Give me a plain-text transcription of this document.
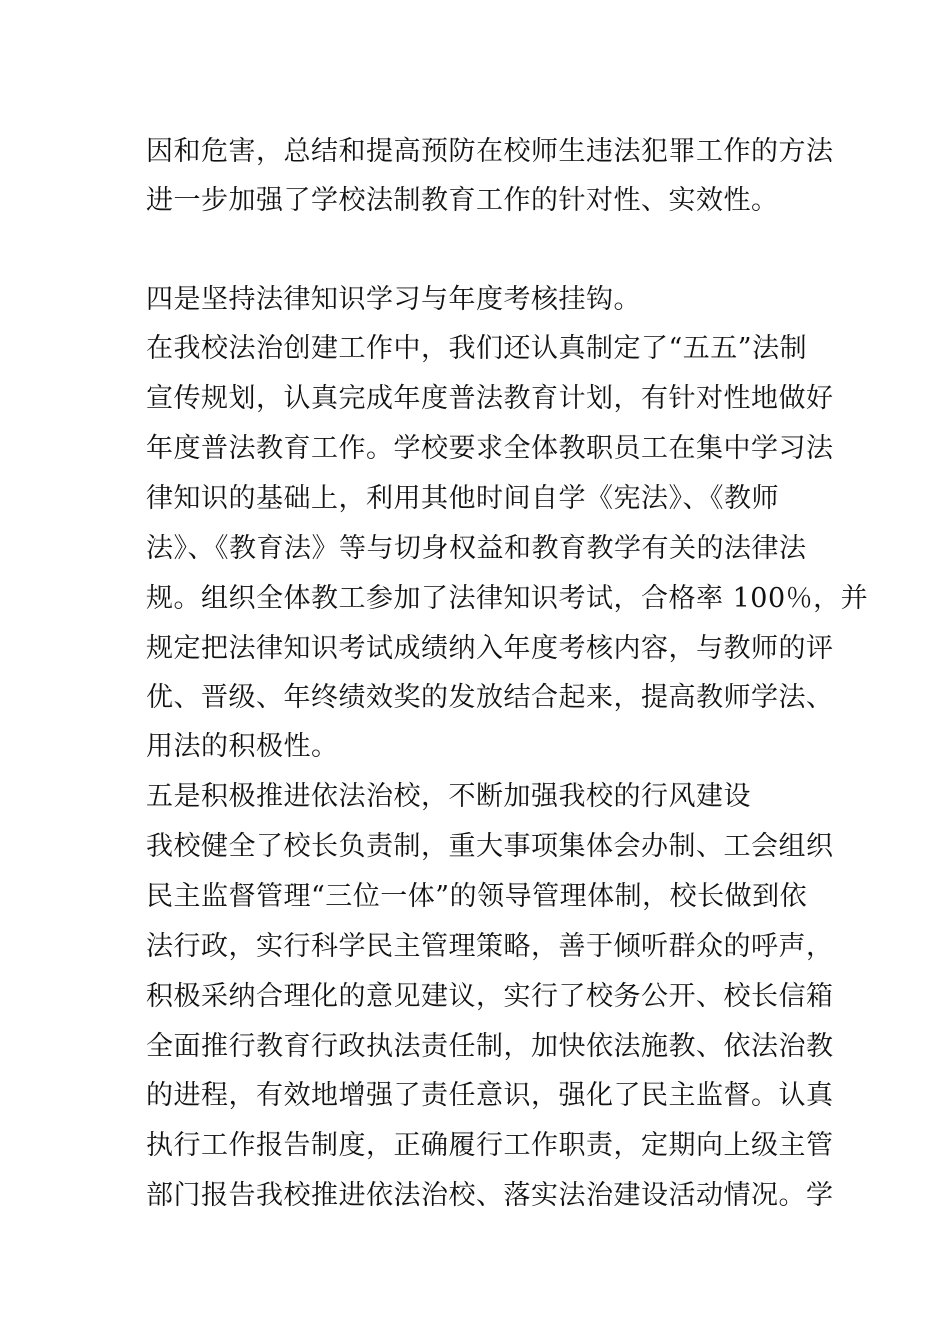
因和危害，总结和提高预防在校师生违法犯罪工作的方法

进一步加强了学校法制教育工作的针对性、实效性。

四是坚持法律知识学习与年度考核挂钩。

在我校法治创建工作中，我们还认真制定了“五五”法制

宣传规划，认真完成年度普法教育计划，有针对性地做好

年度普法教育工作。学校要求全体教职员工在集中学习法

律知识的基础上，利用其他时间自学《宪法》、《教师

法》、《教育法》等与切身权益和教育教学有关的法律法

规。组织全体教工参加了法律知识考试，合格率 100％，并

规定把法律知识考试成绩纳入年度考核内容，与教师的评

优、晋级、年终绩效奖的发放结合起来，提高教师学法、

用法的积极性。

五是积极推进依法治校，不断加强我校的行风建设

我校健全了校长负责制，重大事项集体会办制、工会组织

民主监督管理“三位一体”的领导管理体制，校长做到依

法行政，实行科学民主管理策略，善于倾听群众的呼声，

积极采纳合理化的意见建议，实行了校务公开、校长信箱

全面推行教育行政执法责任制，加快依法施教、依法治教

的进程，有效地增强了责任意识，强化了民主监督。认真

执行工作报告制度，正确履行工作职责，定期向上级主管

部门报告我校推进依法治校、落实法治建设活动情况。学
